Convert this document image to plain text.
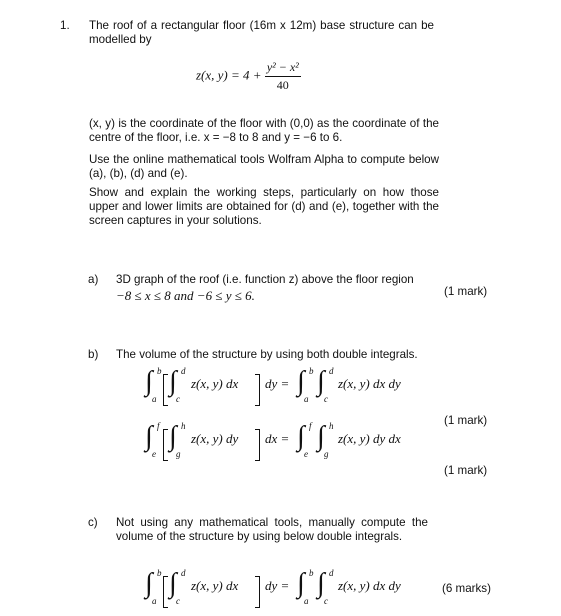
1. The roof of a rectangular floor (16m x 12m) base structure can be modelled by
z(x, $y) = 4 + \frac{\text{y² − x²}}{40}$
(x, y) is the coordinate of the floor with (0,0) as the coordinate of the centre of the floor, i.e. x = −8 to 8 and y = −6 to 6.
Use the online mathematical tools Wolfram Alpha to compute below (a), (b), (d) and (e).
Show and explain the working steps, particularly on how those upper and lower limits are obtained for (d) and (e), together with the screen captures in your solutions.
a) 3D graph of the roof (i.e. function z) above the floor region
−8 ≤ x ≤ 8 and −6 ≤ y ≤ 6.	(1 mark)
b) The volume of the structure by using both double integrals.
∫ b
a
∫ d
c
z(x, y) dx dy = ∫ b
a
∫ d
c
z(x, y) dx dy
(1 mark)
∫ f
e
∫ h
g
z(x, y) dy dx = ∫ f
e
∫ h
g
z(x, y) dy dx
(1 mark)
c) Not using any mathematical tools, manually compute the volume of the structure by using below double integrals.
∫ b
a
∫ d
c
z(x, y) dx dy = ∫ b
a
∫ d
c
z(x, y) dx dy	(6 marks)
